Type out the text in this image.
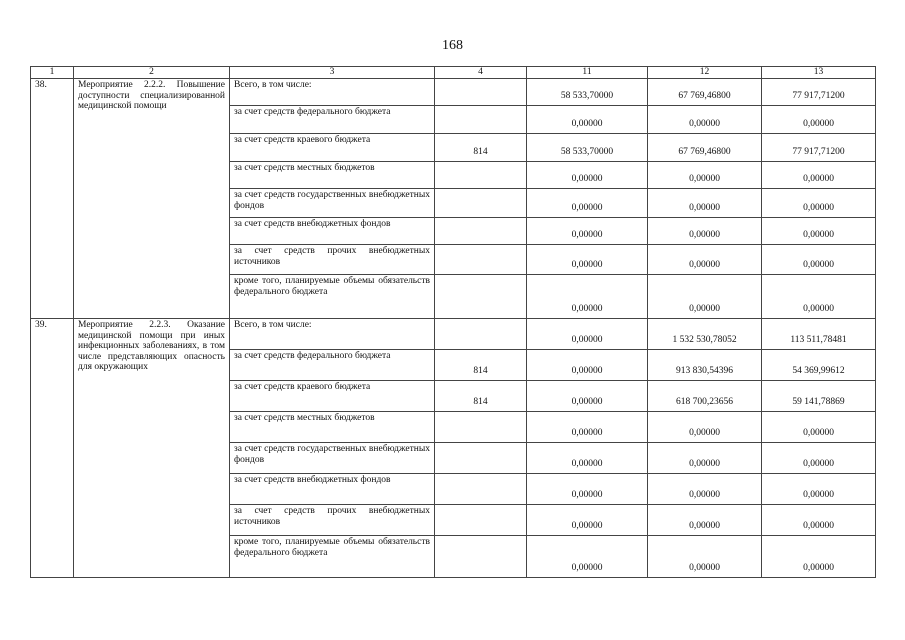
168
1	2	3	4	11	12	13
38.	Мероприятие 2.2.2. Повышение доступности специализированной медицинской помощи	Всего, в том числе:		58 533,70000	67 769,46800	77 917,71200
		за счет средств федерального бюджета		0,00000	0,00000	0,00000
		за счет средств краевого бюджета	814	58 533,70000	67 769,46800	77 917,71200
		за счет средств местных бюджетов		0,00000	0,00000	0,00000
		за счет средств государственных внебюджетных фондов		0,00000	0,00000	0,00000
		за счет средств внебюджетных фондов		0,00000	0,00000	0,00000
		за счет средств прочих внебюджетных источников		0,00000	0,00000	0,00000
		кроме того, планируемые объемы обязательств федерального бюджета		0,00000	0,00000	0,00000
39.	Мероприятие 2.2.3. Оказание медицинской помощи при иных инфекционных заболеваниях, в том числе представляющих опасность для окружающих	Всего, в том числе:		0,00000	1 532 530,78052	113 511,78481
		за счет средств федерального бюджета	814	0,00000	913 830,54396	54 369,99612
		за счет средств краевого бюджета	814	0,00000	618 700,23656	59 141,78869
		за счет средств местных бюджетов		0,00000	0,00000	0,00000
		за счет средств государственных внебюджетных фондов		0,00000	0,00000	0,00000
		за счет средств внебюджетных фондов		0,00000	0,00000	0,00000
		за счет средств прочих внебюджетных источников		0,00000	0,00000	0,00000
		кроме того, планируемые объемы обязательств федерального бюджета		0,00000	0,00000	0,00000
